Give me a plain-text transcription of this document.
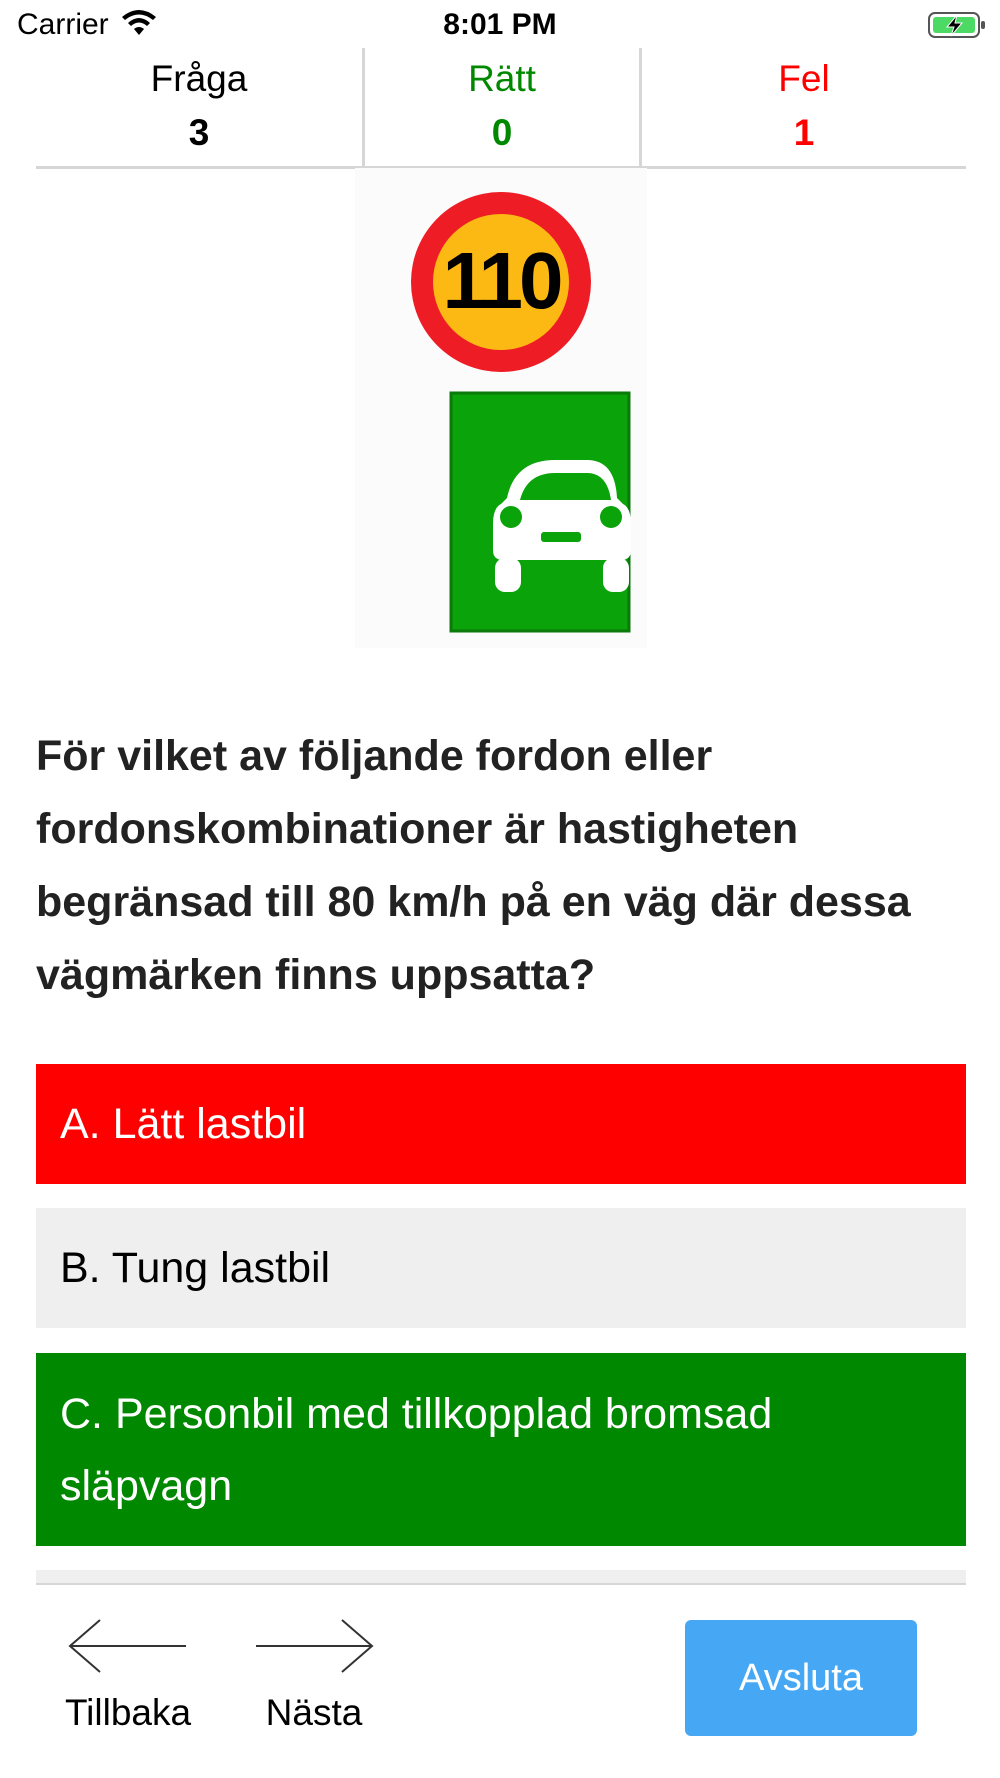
Carrier	8:01 PM
Fråga
3
Rätt
0
Fel
1
110
För vilket av följande fordon eller fordonskombinationer är hastigheten begränsad till 80 km/h på en väg där dessa vägmärken finns uppsatta?
A. Lätt lastbil
B. Tung lastbil
C. Personbil med tillkopplad bromsad släpvagn
Tillbaka	Nästa
Avsluta
